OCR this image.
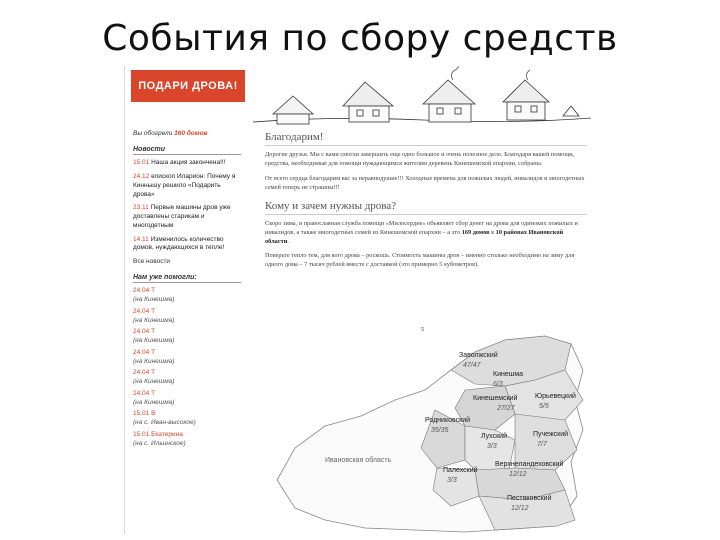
События по сбору средств
ПОДАРИ ДРОВА!
Вы обогрели 160 домов
Новости
15.01 Наша акция закончена!!!
24.12 епископ Иларион: Почему я Киннышу решило «Подарить дрова»
23.11 Первые машины дров уже доставлены старикам и многодетным
14.11 Изменилось количество домов, нуждающихся в тепле!
Все новости
Нам уже помогли:
24.04 Т
(на Кинешма)
24.04 Т
(на Кинешма)
24.04 Т
(на Кинешма)
24.04 Т
(на Кинешма)
24.04 Т
(на Кинешма)
24.04 Т
(на Кинешма)
15.01 В
(на с. Иван-высокое)
15.01 Екатерина
(на с. Ильинское)
Благодарим!

Дорогие друзья. Мы с вами смогли завершить еще одно большое и очень полезное дело. Благодаря вашей помощи, средства, необходимые для помощи нуждающимся жителям деревень Кинешемской епархии, собраны.

От всего сердца благодарим вас за неравнодушие!!! Холодные времена для пожилых людей, инвалидов и многодетных семей теперь не страшны!!!

Кому и зачем нужны дрова?

Скоро зима, и православная служба помощи «Милосердие» объявляет сбор денег на дрова для одиноких пожилых и инвалидов, а также многодетных семей из Кинешемской епархии – а это 169 домов в 10 районах Ивановской области.

Поверьте тепло тем, для кого дрова – роскошь. Стоимость машины дров – именно столько необходимо на зиму для одного дома – 7 тысяч рублей вместе с доставкой (это примерно 5 кубометров).

Ивановская область
Заволжский
47/47
Кинешма
6/3
Кинешемский
27/27
Юрьевецкий
5/5
Родниковский
35/35
Лухский
3/3
Пучежский
7/7
Палехский
3/3
Верхнеландеховский
12/12
Пестяковский
12/12
5
